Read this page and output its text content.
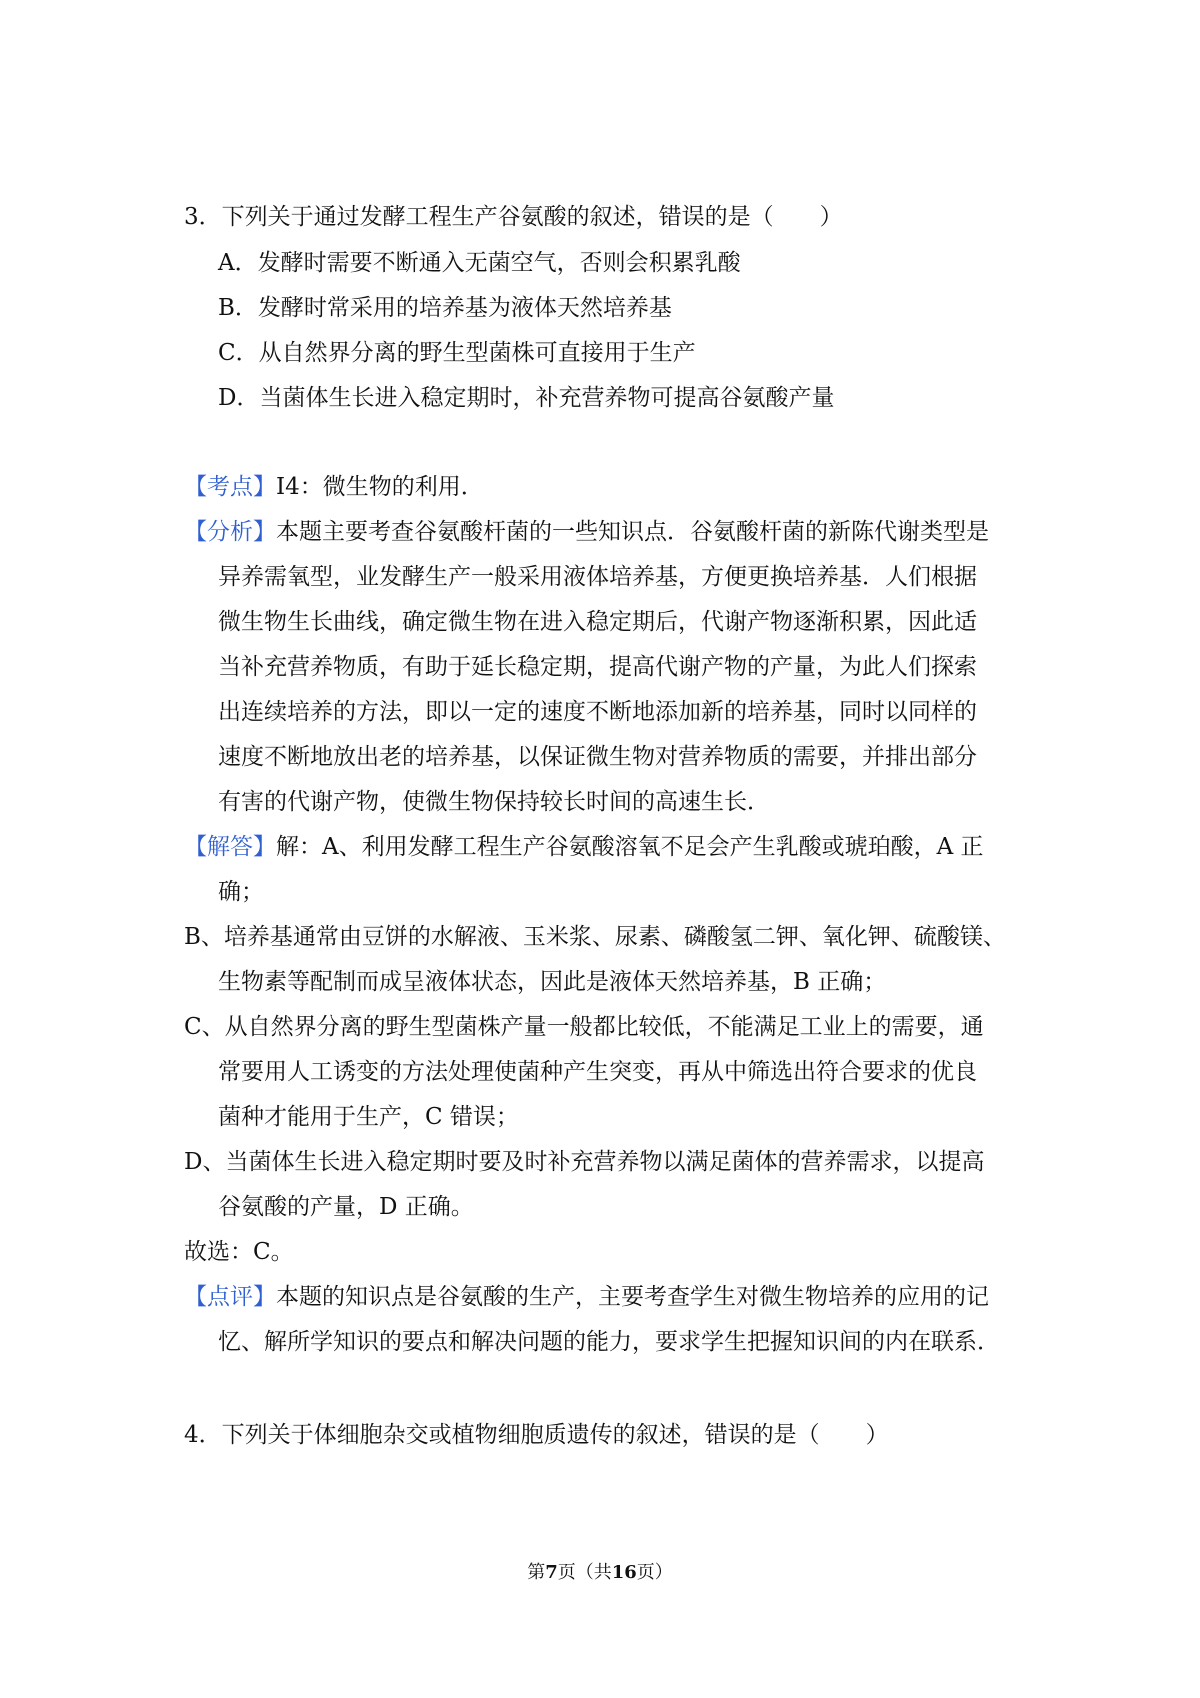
3．下列关于通过发酵工程生产谷氨酸的叙述，错误的是（　　）
A．发酵时需要不断通入无菌空气，否则会积累乳酸
B．发酵时常采用的培养基为液体天然培养基
C．从自然界分离的野生型菌株可直接用于生产
D．当菌体生长进入稳定期时，补充营养物可提高谷氨酸产量
【考点】I4：微生物的利用．
【分析】本题主要考查谷氨酸杆菌的一些知识点．谷氨酸杆菌的新陈代谢类型是
异养需氧型，业发酵生产一般采用液体培养基，方便更换培养基．人们根据
微生物生长曲线，确定微生物在进入稳定期后，代谢产物逐渐积累，因此适
当补充营养物质，有助于延长稳定期，提高代谢产物的产量，为此人们探索
出连续培养的方法，即以一定的速度不断地添加新的培养基，同时以同样的
速度不断地放出老的培养基，以保证微生物对营养物质的需要，并排出部分
有害的代谢产物，使微生物保持较长时间的高速生长．
【解答】解：A、利用发酵工程生产谷氨酸溶氧不足会产生乳酸或琥珀酸，A 正
确；
B、培养基通常由豆饼的水解液、玉米浆、尿素、磷酸氢二钾、氧化钾、硫酸镁、
生物素等配制而成呈液体状态，因此是液体天然培养基，B 正确；
C、从自然界分离的野生型菌株产量一般都比较低，不能满足工业上的需要，通
常要用人工诱变的方法处理使菌种产生突变，再从中筛选出符合要求的优良
菌种才能用于生产，C 错误；
D、当菌体生长进入稳定期时要及时补充营养物以满足菌体的营养需求，以提高
谷氨酸的产量，D 正确。
故选：C。
【点评】本题的知识点是谷氨酸的生产，主要考查学生对微生物培养的应用的记
忆、解所学知识的要点和解决问题的能力，要求学生把握知识间的内在联系．
4．下列关于体细胞杂交或植物细胞质遗传的叙述，错误的是（　　）
第7页（共16页）
